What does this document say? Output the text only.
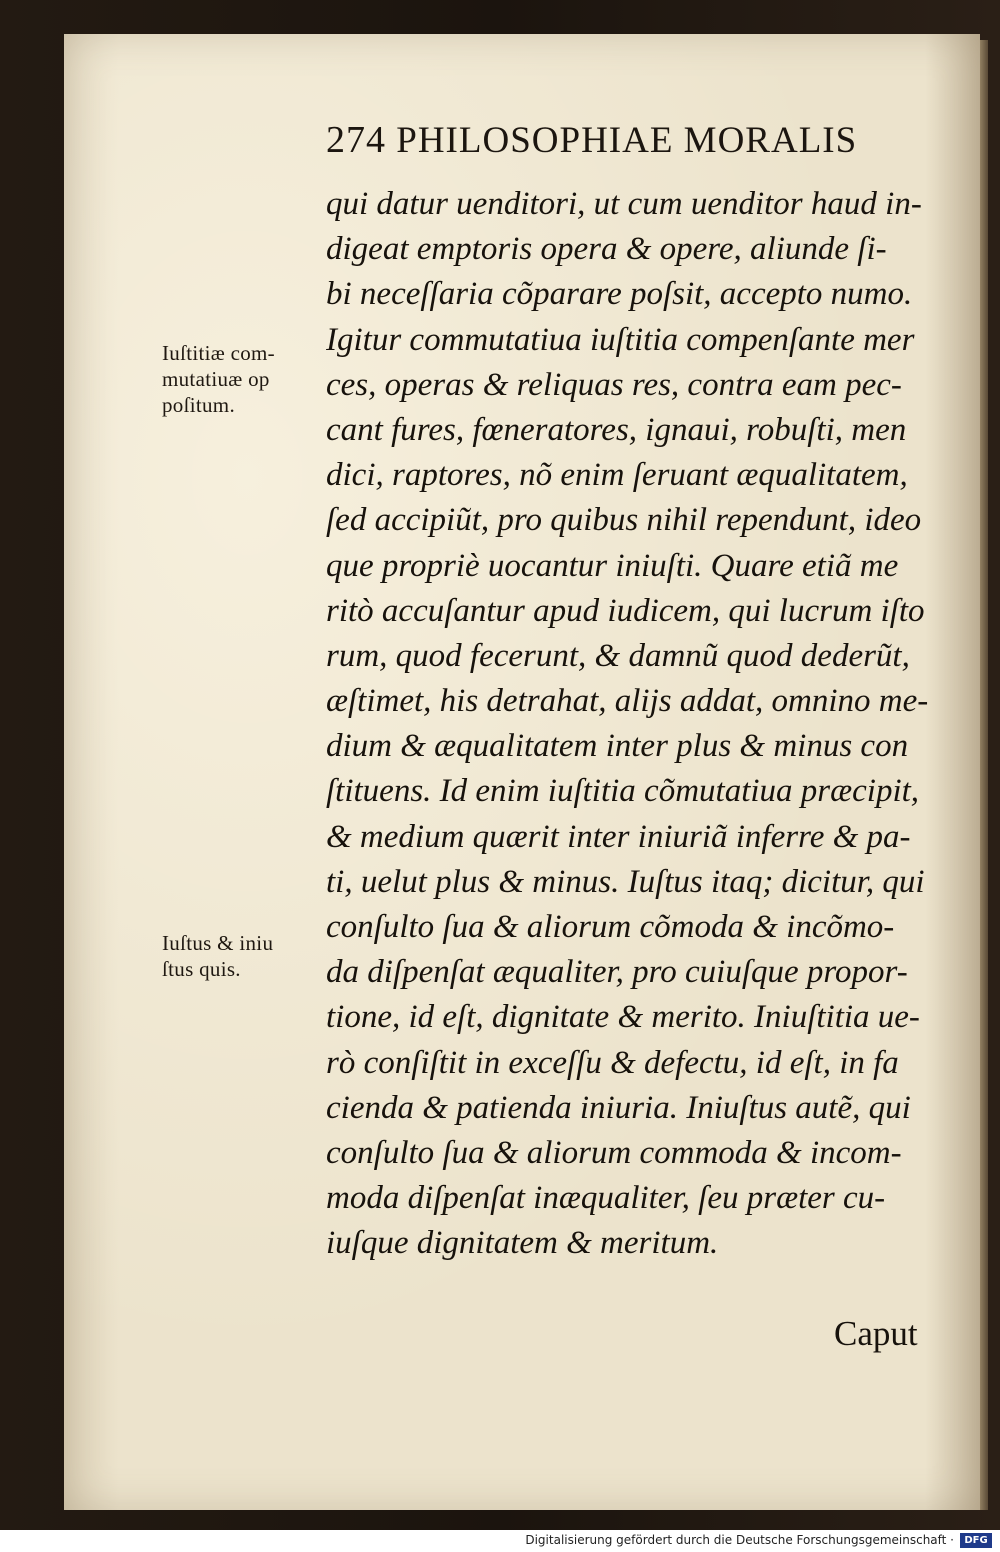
274 PHILOSOPHIAE MORALIS
Iuſtitiæ com-
mutatiuæ op
poſitum.
Iuſtus & iniu
ſtus quis.
qui datur uenditori, ut cum uenditor haud in-
digeat emptoris opera & opere, aliunde ſi-
bi neceſſaria cõparare poſsit, accepto numo.
Igitur commutatiua iuſtitia compenſante mer
ces, operas & reliquas res, contra eam pec-
cant fures, fœneratores, ignaui, robuſti, men
dici, raptores, nõ enim ſeruant æqualitatem,
ſed accipiũt, pro quibus nihil rependunt, ideo
que propriè uocantur iniuſti. Quare etiã me
ritò accuſantur apud iudicem, qui lucrum iſto
rum, quod fecerunt, & damnũ quod dederũt,
æſtimet, his detrahat, aliјs addat, omnino me-
dium & æqualitatem inter plus & minus con
ſtituens. Id enim iuſtitia cõmutatiua præcipit,
& medium quærit inter iniuriã inferre & pa-
ti, uelut plus & minus. Iuſtus itaq; dicitur, qui
conſulto ſua & aliorum cõmoda & incõmo-
da diſpenſat æqualiter, pro cuiuſque propor-
tione, id eſt, dignitate & merito. Iniuſtitia ue-
rò conſiſtit in exceſſu & defectu, id eſt, in fa
cienda & patienda iniuria. Iniuſtus autẽ, qui
conſulto ſua & aliorum commoda & incom-
moda diſpenſat inæqualiter, ſeu præter cu-
iuſque dignitatem & meritum.
Caput
Digitalisierung gefördert durch die Deutsche Forschungsgemeinschaft ·	DFG
